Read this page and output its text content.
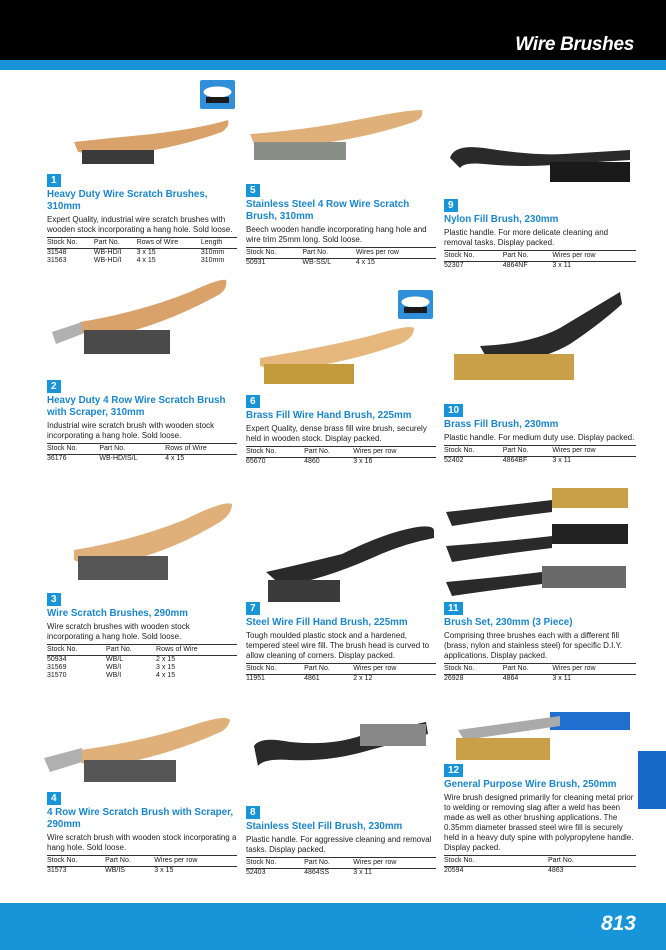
Wire Brushes
1
Heavy Duty Wire Scratch Brushes, 310mm
Expert Quality, industrial wire scratch brushes with wooden stock incorporating a hang hole. Sold loose.
Stock No.	Part No.	Rows of Wire	Length
31548	WB-HD/I	3 x 15	310mm
31563	WB-HD/I	4 x 15	310mm
2
Heavy Duty 4 Row Wire Scratch Brush with Scraper, 310mm
Industrial wire scratch brush with wooden stock incorporating a hang hole. Sold loose.
Stock No.	Part No.	Rows of Wire
36176	WB-HD/IS/L	4 x 15
3
Wire Scratch Brushes, 290mm
Wire scratch brushes with wooden stock incorporating a hang hole. Sold loose.
Stock No.	Part No.	Rows of Wire
50934	WB/L	2 x 15
31569	WB/I	3 x 15
31570	WB/I	4 x 15
4
4 Row Wire Scratch Brush with Scraper, 290mm
Wire scratch brush with wooden stock incorporating a hang hole. Sold loose.
Stock No.	Part No.	Wires per row
31573	WB/IS	3 x 15
5
Stainless Steel 4 Row Wire Scratch Brush, 310mm
Beech wooden handle incorporating hang hole and wire trim 25mm long. Sold loose.
Stock No.	Part No.	Wires per row
50931	WB-SS/L	4 x 15
6
Brass Fill Wire Hand Brush, 225mm
Expert Quality, dense brass fill wire brush, securely held in wooden stock. Display packed.
Stock No.	Part No.	Wires per row
65670	4860	3 x 16
7
Steel Wire Fill Hand Brush, 225mm
Tough moulded plastic stock and a hardened, tempered steel wire fill. The brush head is curved to allow cleaning of corners. Display packed.
Stock No.	Part No.	Wires per row
11951	4861	2 x 12
8
Stainless Steel Fill Brush, 230mm
Plastic handle. For aggressive cleaning and removal tasks. Display packed.
Stock No.	Part No.	Wires per row
52403	4864SS	3 x 11
9
Nylon Fill Brush, 230mm
Plastic handle. For more delicate cleaning and removal tasks. Display packed.
Stock No.	Part No.	Wires per row
52307	4864NF	3 x 11
10
Brass Fill Brush, 230mm
Plastic handle. For medium duty use. Display packed.
Stock No.	Part No.	Wires per row
52402	4864BF	3 x 11
11
Brush Set, 230mm (3 Piece)
Comprising three brushes each with a different fill (brass, nylon and stainless steel) for specific D.I.Y. applications. Display packed.
Stock No.	Part No.	Wires per row
26928	4864	3 x 11
12
General Purpose Wire Brush, 250mm
Wire brush designed primarily for cleaning metal prior to welding or removing slag after a weld has been made as well as other brushing applications. The 0.35mm diameter brassed steel wire fill is securely held in a heavy duty spine with polypropylene handle. Display packed.
Stock No.	Part No.
20594	4863
813
